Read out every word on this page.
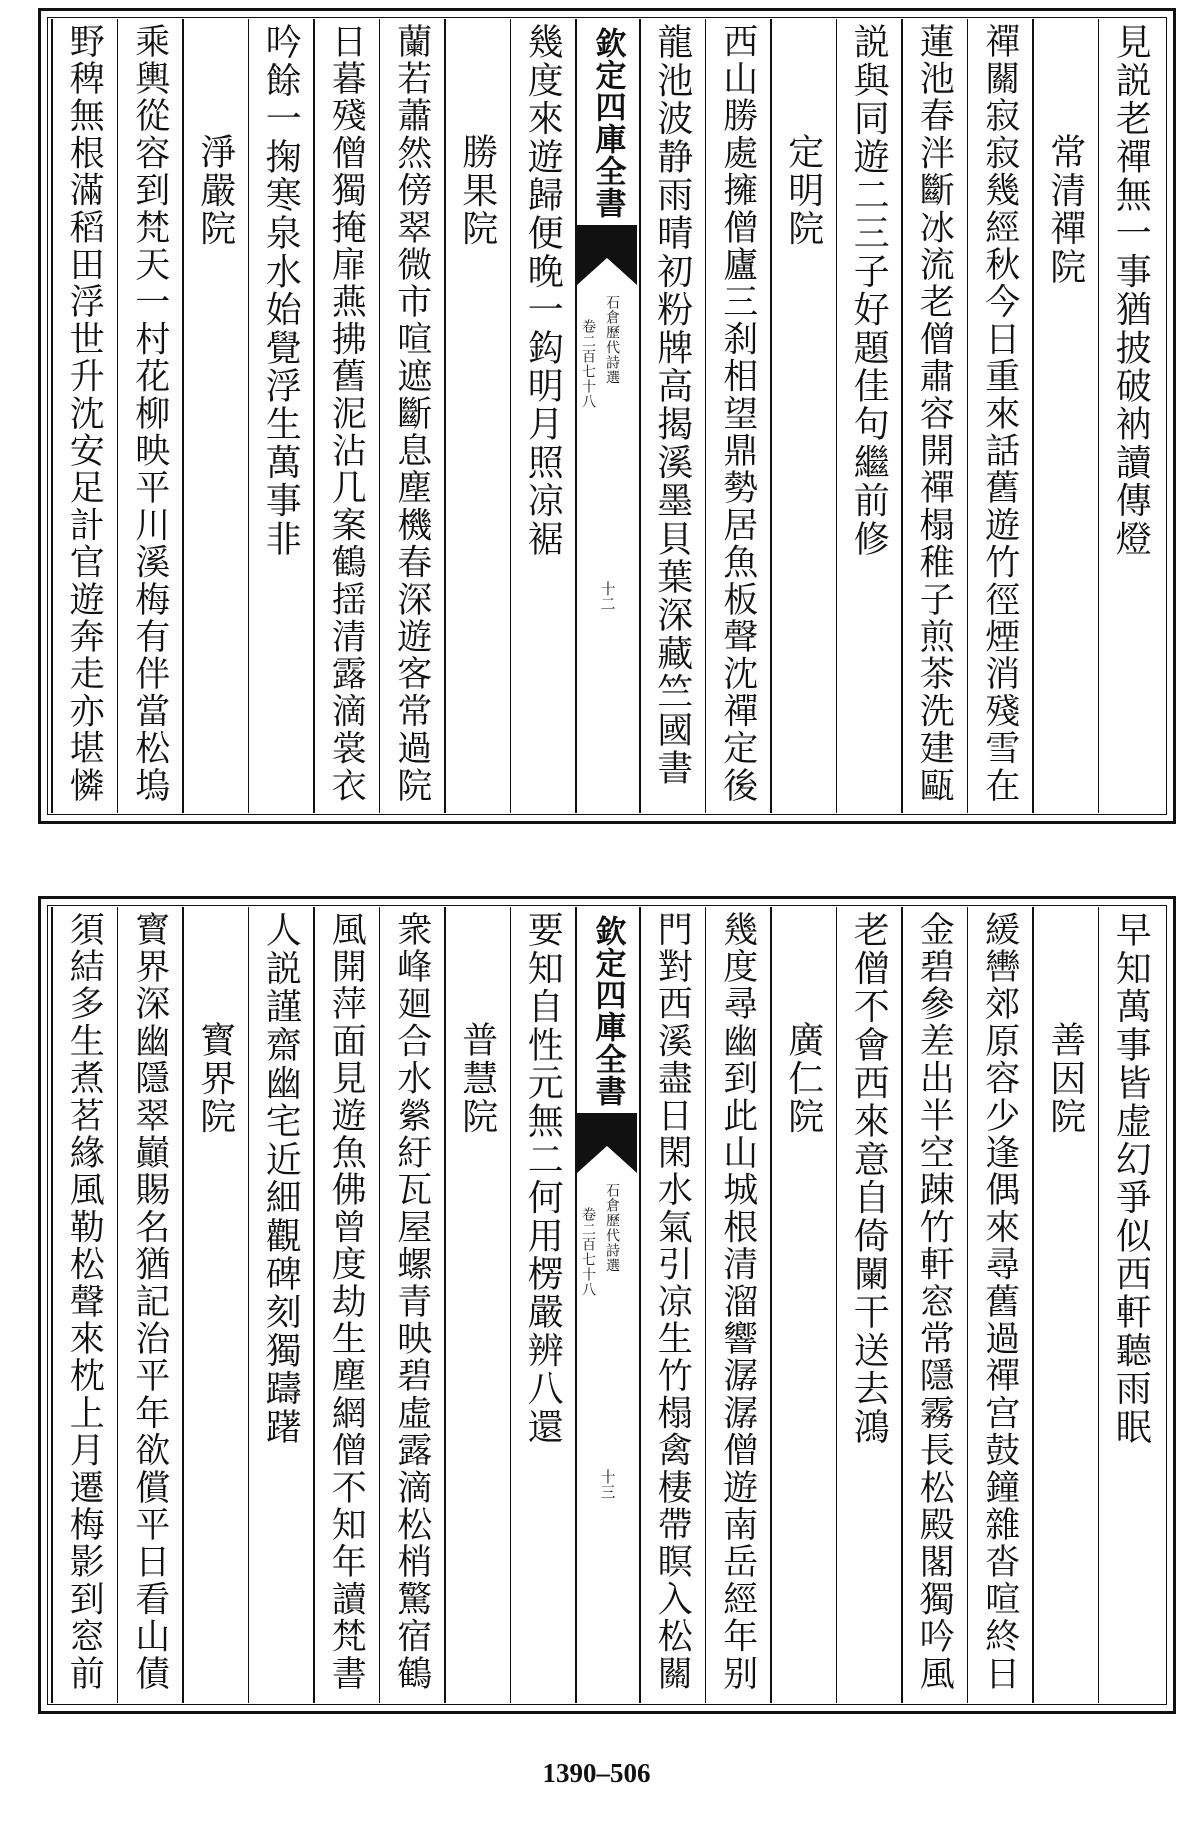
見説老禪無一事猶披破衲讀傳燈
常清禪院
禪關寂寂幾經秋今日重來話舊遊竹徑煙消殘雪在
蓮池春泮斷冰流老僧肅容開禪榻稚子煎茶洗建甌
説與同遊二三子好題佳句繼前修
定明院
西山勝處擁僧廬三刹相望鼎勢居魚板聲沈禪定後
龍池波静雨晴初粉牌高揭溪墨貝葉深藏竺國書
欽定四庫全書
石倉歷代詩選
卷二百七十八
十二
幾度來遊歸便晚一鈎明月照凉裾
勝果院
蘭若蕭然傍翠微市喧遮斷息塵機春深遊客常過院
日暮殘僧獨掩扉燕拂舊泥沾几案鶴揺清露滴裳衣
吟餘一掬寒泉水始覺浮生萬事非
淨嚴院
乘輿從容到梵天一村花柳映平川溪梅有伴當松塢
野稗無根滿稻田浮世升沈安足計官遊奔走亦堪憐
早知萬事皆虚幻爭似西軒聽雨眠
善因院
緩轡郊原容少逢偶來尋舊過禪宫鼓鐘雜沓喧終日
金碧參差出半空踈竹軒窓常隱霧長松殿閣獨吟風
老僧不會西來意自倚闌干送去鴻
廣仁院
幾度尋幽到此山城根清溜響潺潺僧遊南岳經年别
門對西溪盡日閑水氣引凉生竹榻禽棲帶瞑入松關
欽定四庫全書
石倉歷代詩選
卷二百七十八
十三
要知自性元無二何用楞嚴辨八還
普慧院
衆峰廻合水縈紆瓦屋螺青映碧虛露滴松梢驚宿鶴
風開萍面見遊魚佛曾度劫生塵網僧不知年讀梵書
人説謹齋幽宅近細觀碑刻獨躊躇
寳界院
寳界深幽隱翠巓賜名猶記治平年欲償平日看山債
須結多生煮茗緣風勒松聲來枕上月遷梅影到窓前
1390–506
